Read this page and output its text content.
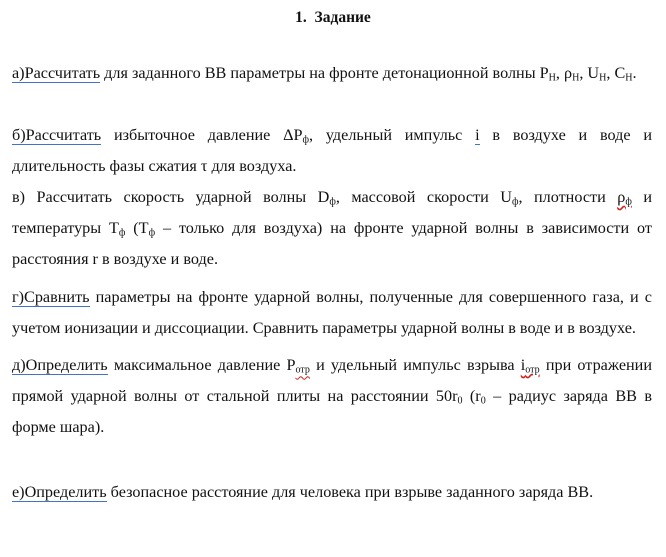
1. Задание
а)Рассчитать для заданного ВВ параметры на фронте детонационной волны $P_H$, $\rho_H$, $U_H$, $C_H$.
б)Рассчитать избыточное давление $\Delta P_ф$, удельный импульс i в воздухе и воде и длительность фазы сжатия τ для воздуха.
в) Рассчитать скорость ударной волны $D_ф$, массовой скорости $U_ф$, плотности $\rho_ф$ и температуры $T_ф$ ($T_ф$ – только для воздуха) на фронте ударной волны в зависимости от расстояния r в воздухе и воде.
г)Сравнить параметры на фронте ударной волны, полученные для совершенного газа, и с учетом ионизации и диссоциации. Сравнить параметры ударной волны в воде и в воздухе.
д)Определить максимальное давление $P_{отр}$ и удельный импульс взрыва $i_{отр}$ при отражении прямой ударной волны от стальной плиты на расстоянии $50r_0$ ($r_0$ – радиус заряда ВВ в форме шара).
е)Определить безопасное расстояние для человека при взрыве заданного заряда ВВ.
